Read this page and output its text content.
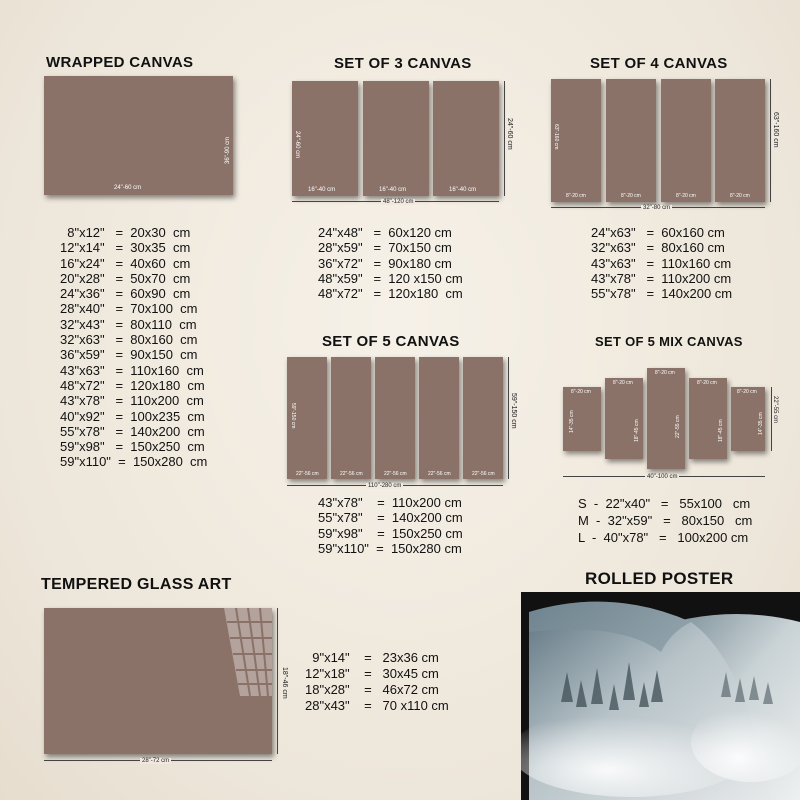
WRAPPED CANVAS
24"-60 cm
36"-90 cm
8"x12"   =  20x30  cm
12"x14"   =  30x35  cm
16"x24"   =  40x60  cm
20"x28"   =  50x70  cm
24"x36"   =  60x90  cm
28"x40"   =  70x100  cm
32"x43"   =  80x110  cm
32"x63"   =  80x160  cm
36"x59"   =  90x150  cm
43"x63"   =  110x160  cm
48"x72"   =  120x180  cm
43"x78"   =  110x200  cm
40"x92"   =  100x235  cm
55"x78"   =  140x200  cm
59"x98"   =  150x250  cm
59"x110"  =  150x280  cm
SET OF 3 CANVAS
16"-40 cm
24"-60 cm
16"-40 cm	16"-40 cm
48"-120 cm
24"-60 cm
24"x48"   =  60x120 cm
28"x59"   =  70x150 cm
36"x72"   =  90x180 cm
48"x59"   =  120 x150 cm
48"x72"   =  120x180  cm
SET OF 4 CANVAS
8"-20 cm
63"-160 cm
8"-20 cm	8"-20 cm	8"-20 cm
32"-80 cm
63"-160 cm
24"x63"   =  60x160 cm
32"x63"   =  80x160 cm
43"x63"   =  110x160 cm
43"x78"   =  110x200 cm
55"x78"   =  140x200 cm
SET OF 5 CANVAS
22"-56 cm
59"-150 cm
22"-56 cm	22"-56 cm	22"-56 cm	22"-56 cm
110"-280 cm
59"-150 cm
43"x78"    =  110x200 cm
55"x78"    =  140x200 cm
59"x98"    =  150x250 cm
59"x110"  =  150x280 cm
SET OF 5 MIX CANVAS
8"-20 cm
14"-35 cm
8"-20 cm
18"-45 cm
8"-20 cm
22"-55 cm
8"-20 cm
18"-45 cm
8"-20 cm
14"-35 cm
40"-100 cm
22"-55 cm
S  -  22"x40"   =   55x100   cm
M  -  32"x59"   =   80x150   cm
L  -  40"x78"   =   100x200 cm
TEMPERED GLASS ART
28"-72 cm
18"-46 cm
9"x14"    =   23x36 cm
12"x18"    =   30x45 cm
18"x28"    =   46x72 cm
28"x43"    =   70 x110 cm
ROLLED POSTER
